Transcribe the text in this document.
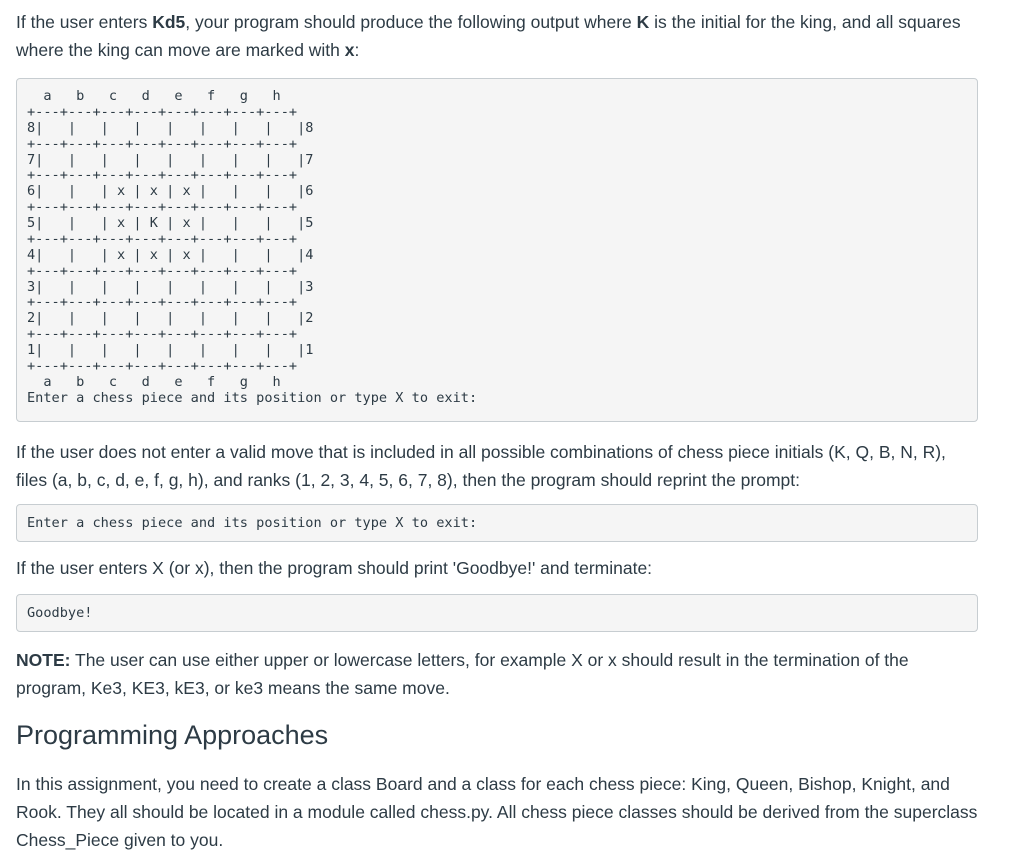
If the user enters Kd5, your program should produce the following output where K is the initial for the king, and all squares where the king can move are marked with x:

a   b   c   d   e   f   g   h
+---+---+---+---+---+---+---+---+
8|   |   |   |   |   |   |   |   |8
+---+---+---+---+---+---+---+---+
7|   |   |   |   |   |   |   |   |7
+---+---+---+---+---+---+---+---+
6|   |   | x | x | x |   |   |   |6
+---+---+---+---+---+---+---+---+
5|   |   | x | K | x |   |   |   |5
+---+---+---+---+---+---+---+---+
4|   |   | x | x | x |   |   |   |4
+---+---+---+---+---+---+---+---+
3|   |   |   |   |   |   |   |   |3
+---+---+---+---+---+---+---+---+
2|   |   |   |   |   |   |   |   |2
+---+---+---+---+---+---+---+---+
1|   |   |   |   |   |   |   |   |1
+---+---+---+---+---+---+---+---+
a   b   c   d   e   f   g   h
Enter a chess piece and its position or type X to exit:

If the user does not enter a valid move that is included in all possible combinations of chess piece initials (K, Q, B, N, R), files (a, b, c, d, e, f, g, h), and ranks (1, 2, 3, 4, 5, 6, 7, 8), then the program should reprint the prompt:

Enter a chess piece and its position or type X to exit:

If the user enters X (or x), then the program should print 'Goodbye!' and terminate:

Goodbye!

NOTE: The user can use either upper or lowercase letters, for example X or x should result in the termination of the program, Ke3, KE3, kE3, or ke3 means the same move.

Programming Approaches

In this assignment, you need to create a class Board and a class for each chess piece: King, Queen, Bishop, Knight, and Rook. They all should be located in a module called chess.py. All chess piece classes should be derived from the superclass Chess_Piece given to you.
